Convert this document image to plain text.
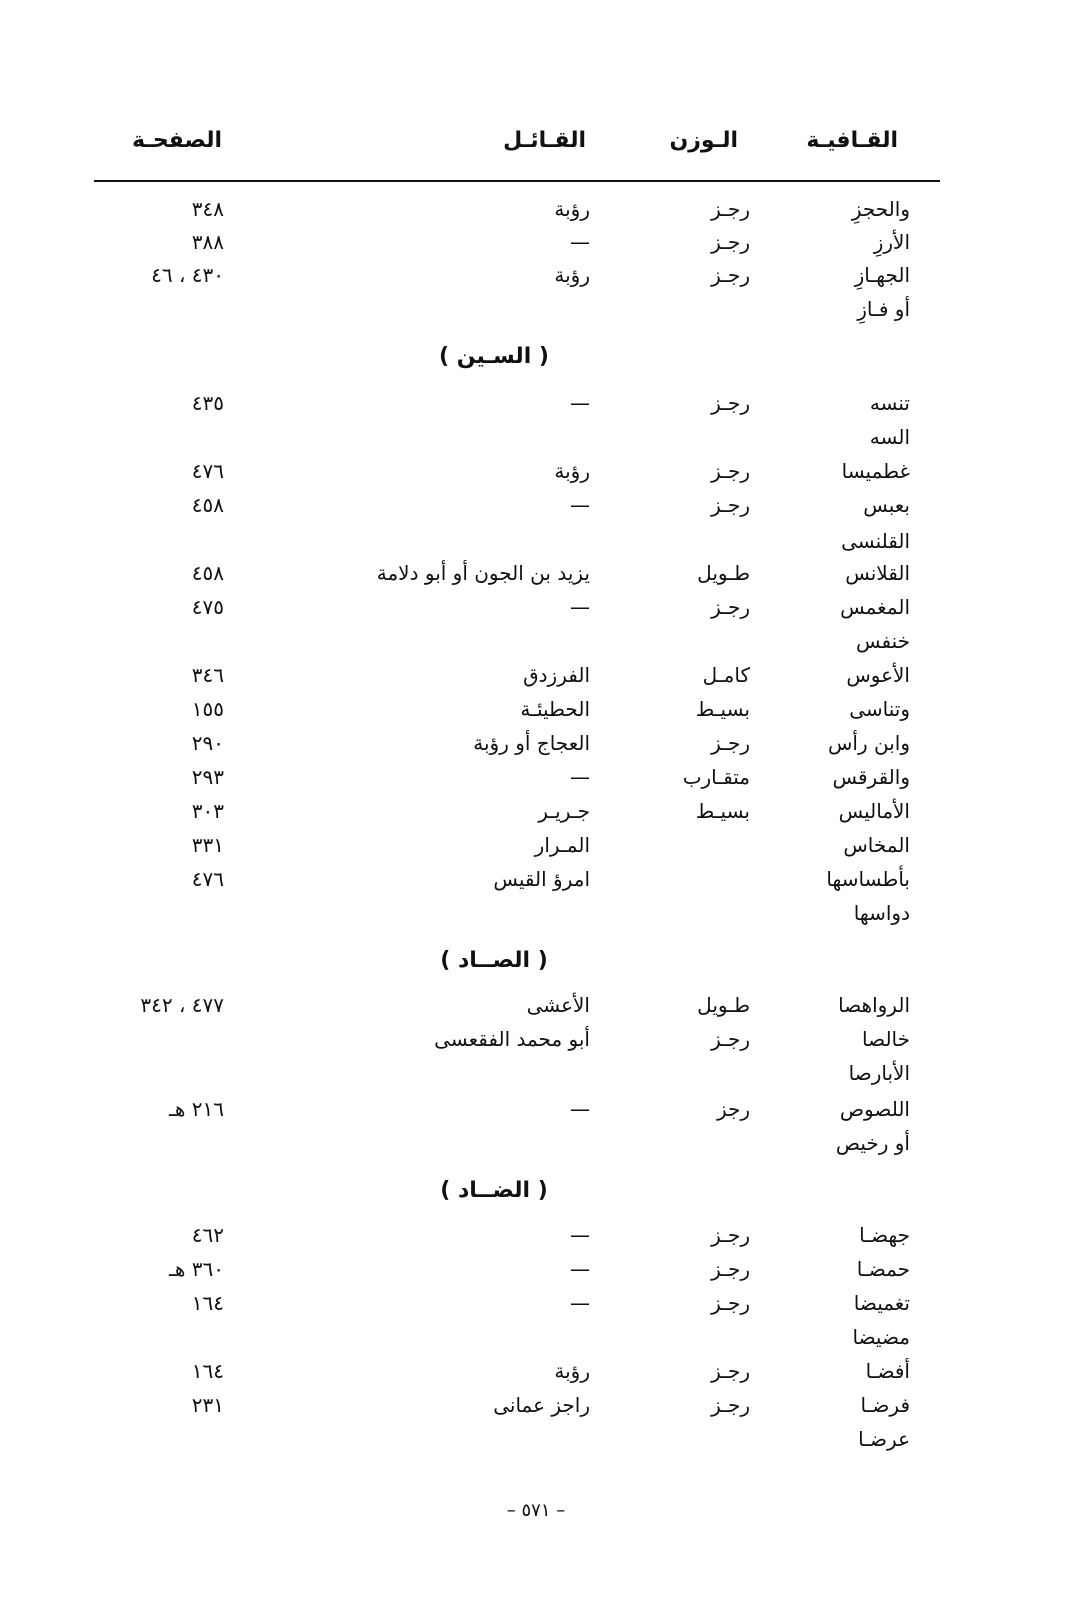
القـافيـة
الـوزن
القـائـل
الصفحـة
والحجزِ
رجـز
رؤبة
٣٤٨
الأرزِ
رجـز
—
٣٨٨
الجهـازِ
رجـز
رؤبة
٤٣٠ ، ٤٦
أو فـازِ
( السـين )
تنسه
رجـز
—
٤٣٥
السه
غطميسا
رجـز
رؤبة
٤٧٦
بعبس
رجـز
—
٤٥٨
القلنسى
القلانس
طـويل
يزيد بن الجون أو أبو دلامة
٤٥٨
المغمس
رجـز
—
٤٧٥
خنفس
الأعوس
كامـل
الفرزدق
٣٤٦
وتناسى
بسيـط
الحطيئـة
١٥٥
وابن رأس
رجـز
العجاج أو رؤبة
٢٩٠
والقرقس
متقـارب
—
٢٩٣
الأماليس
بسيـط
جـريـر
٣٠٣
المخاس
المـرار
٣٣١
بأطساسها
امرؤ القيس
٤٧٦
دواسها
( الصــاد )
الرواهصا
طـويل
الأعشى
٤٧٧ ، ٣٤٢
خالصا
رجـز
أبو محمد الفقعسى
الأبارصا
اللصوص
رجز
—
٢١٦ هـ
أو رخيص
( الضــاد )
جهضـا
رجـز
—
٤٦٢
حمضـا
رجـز
—
٣٦٠ هـ
تغميضا
رجـز
—
١٦٤
مضيضا
أفضـا
رجـز
رؤبة
١٦٤
فرضـا
رجـز
راجز عمانى
٢٣١
عرضـا
– ٥٧١ –
